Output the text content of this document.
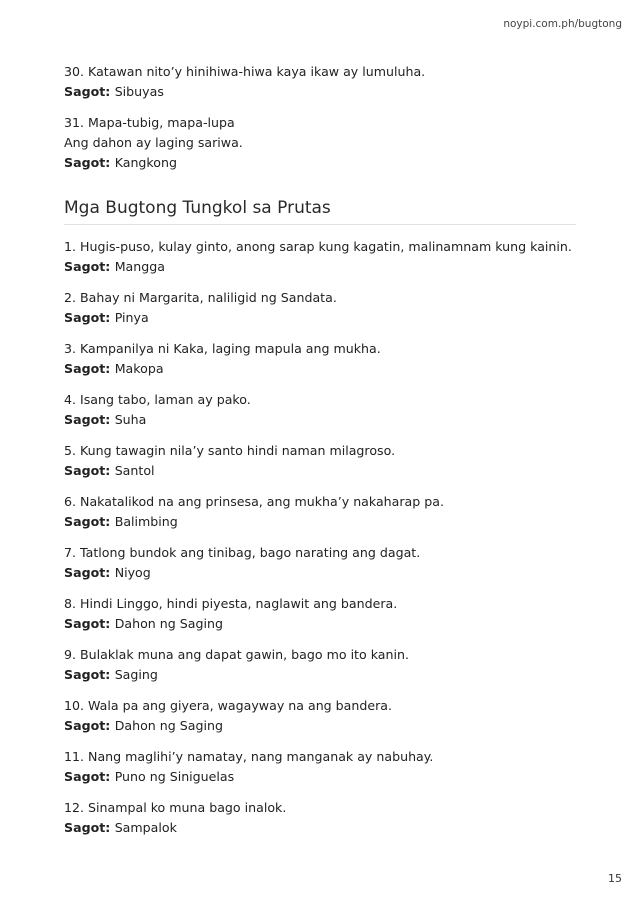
noypi.com.ph/bugtong
30. Katawan nito’y hinihiwa-hiwa kaya ikaw ay lumuluha.
Sagot: Sibuyas
31. Mapa-tubig, mapa-lupa
Ang dahon ay laging sariwa.
Sagot: Kangkong
Mga Bugtong Tungkol sa Prutas
1. Hugis-puso, kulay ginto, anong sarap kung kagatin, malinamnam kung kainin.
Sagot: Mangga
2. Bahay ni Margarita, naliligid ng Sandata.
Sagot: Pinya
3. Kampanilya ni Kaka, laging mapula ang mukha.
Sagot: Makopa
4. Isang tabo, laman ay pako.
Sagot: Suha
5. Kung tawagin nila’y santo hindi naman milagroso.
Sagot: Santol
6. Nakatalikod na ang prinsesa, ang mukha’y nakaharap pa.
Sagot: Balimbing
7. Tatlong bundok ang tinibag, bago narating ang dagat.
Sagot: Niyog
8. Hindi Linggo, hindi piyesta, naglawit ang bandera.
Sagot: Dahon ng Saging
9. Bulaklak muna ang dapat gawin, bago mo ito kanin.
Sagot: Saging
10. Wala pa ang giyera, wagayway na ang bandera.
Sagot: Dahon ng Saging
11. Nang maglihi’y namatay, nang manganak ay nabuhay.
Sagot: Puno ng Siniguelas
12. Sinampal ko muna bago inalok.
Sagot: Sampalok
15
